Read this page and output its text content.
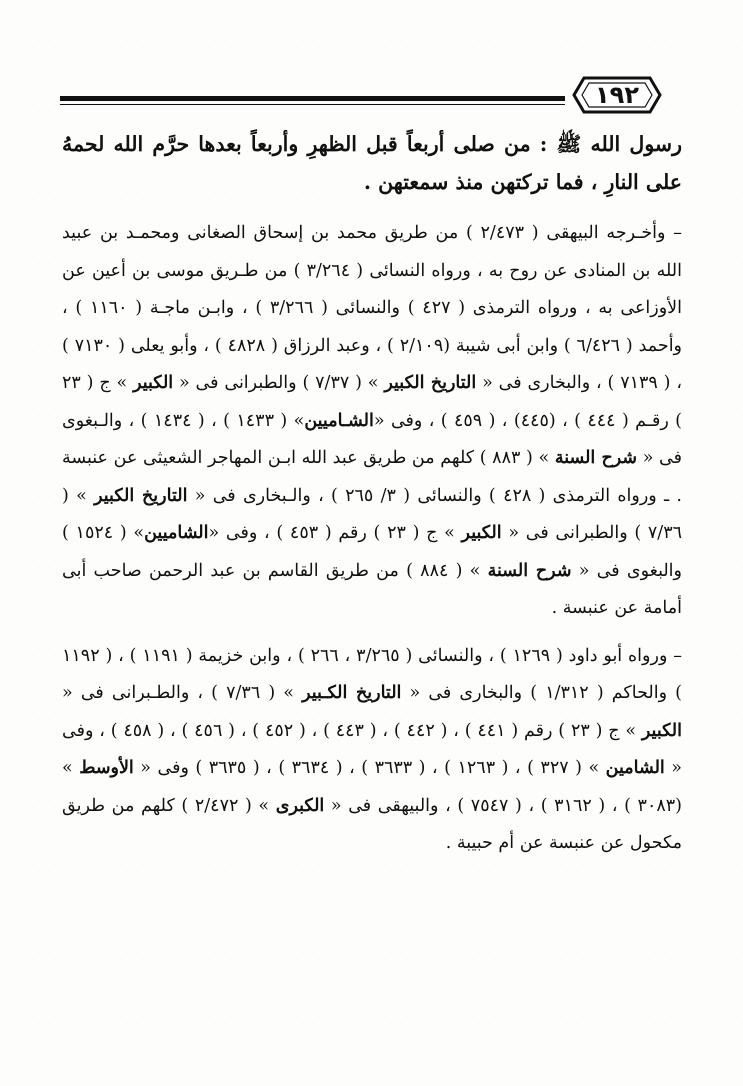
١٩٢

رسول الله ﷺ : من صلى أربعاً قبل الظهرِ وأربعاً بعدها حرَّم الله لحمهُ على النارِ ، فما تركتهن منذ سمعتهن .

– وأخـرجه البيهقى ( ٢/٤٧٣ ) من طريق محمد بن إسحاق الصغانى ومحمـد بن عبيد الله بن المنادى عن روح به ، ورواه النسائى ( ٣/٢٦٤ ) من طـريق موسى بن أعين عن الأوزاعى به ، ورواه الترمذى ( ٤٢٧ ) والنسائى ( ٣/٢٦٦ ) ، وابـن ماجـة ( ١١٦٠ ) ، وأحمد ( ٦/٤٢٦ ) وابن أبى شيبة (٢/١٠٩ ) ، وعبد الرزاق ( ٤٨٢٨ ) ، وأبو يعلى ( ٧١٣٠ ) ، ( ٧١٣٩ ) ، والبخارى فى « التاريخ الكبير » ( ٧/٣٧ ) والطبرانى فى « الكبير » ج ( ٢٣ ) رقـم ( ٤٤٤ ) ، (٤٤٥) ، ( ٤٥٩ ) ، وفى «الشـاميين» ( ١٤٣٣ ) ، ( ١٤٣٤ ) ، والـبغوى فى « شرح السنة » ( ٨٨٣ ) كلهم من طريق عبد الله ابـن المهاجر الشعيثى عن عنبسة . ـ ورواه الترمذى ( ٤٢٨ ) والنسائى ( ٣/ ٢٦٥ ) ، والـبخارى فى « التاريخ الكبير » ( ٧/٣٦ ) والطبرانى فى « الكبير » ج ( ٢٣ ) رقم ( ٤٥٣ ) ، وفى «الشاميين» ( ١٥٢٤ ) والبغوى فى « شرح السنة » ( ٨٨٤ ) من طريق القاسم بن عبد الرحمن صاحب أبى أمامة عن عنبسة .

– ورواه أبو داود ( ١٢٦٩ ) ، والنسائى ( ٣/٢٦٥ ، ٢٦٦ ) ، وابن خزيمة ( ١١٩١ ) ، ( ١١٩٢ ) والحاكم ( ١/٣١٢ ) والبخارى فى « التاريخ الكـبير » ( ٧/٣٦ ) ، والطـبرانى فى « الكبير » ج ( ٢٣ ) رقم ( ٤٤١ ) ، ( ٤٤٢ ) ، ( ٤٤٣ ) ، ( ٤٥٢ ) ، ( ٤٥٦ ) ، ( ٤٥٨ ) ، وفى « الشامين » ( ٣٢٧ ) ، ( ١٢٦٣ ) ، ( ٣٦٣٣ ) ، ( ٣٦٣٤ ) ، ( ٣٦٣٥ ) وفى « الأوسط » (٣٠٨٣ ) ، ( ٣١٦٢ ) ، ( ٧٥٤٧ ) ، والبيهقى فى « الكبرى » ( ٢/٤٧٢ ) كلهم من طريق مكحول عن عنبسة عن أم حبيبة .
